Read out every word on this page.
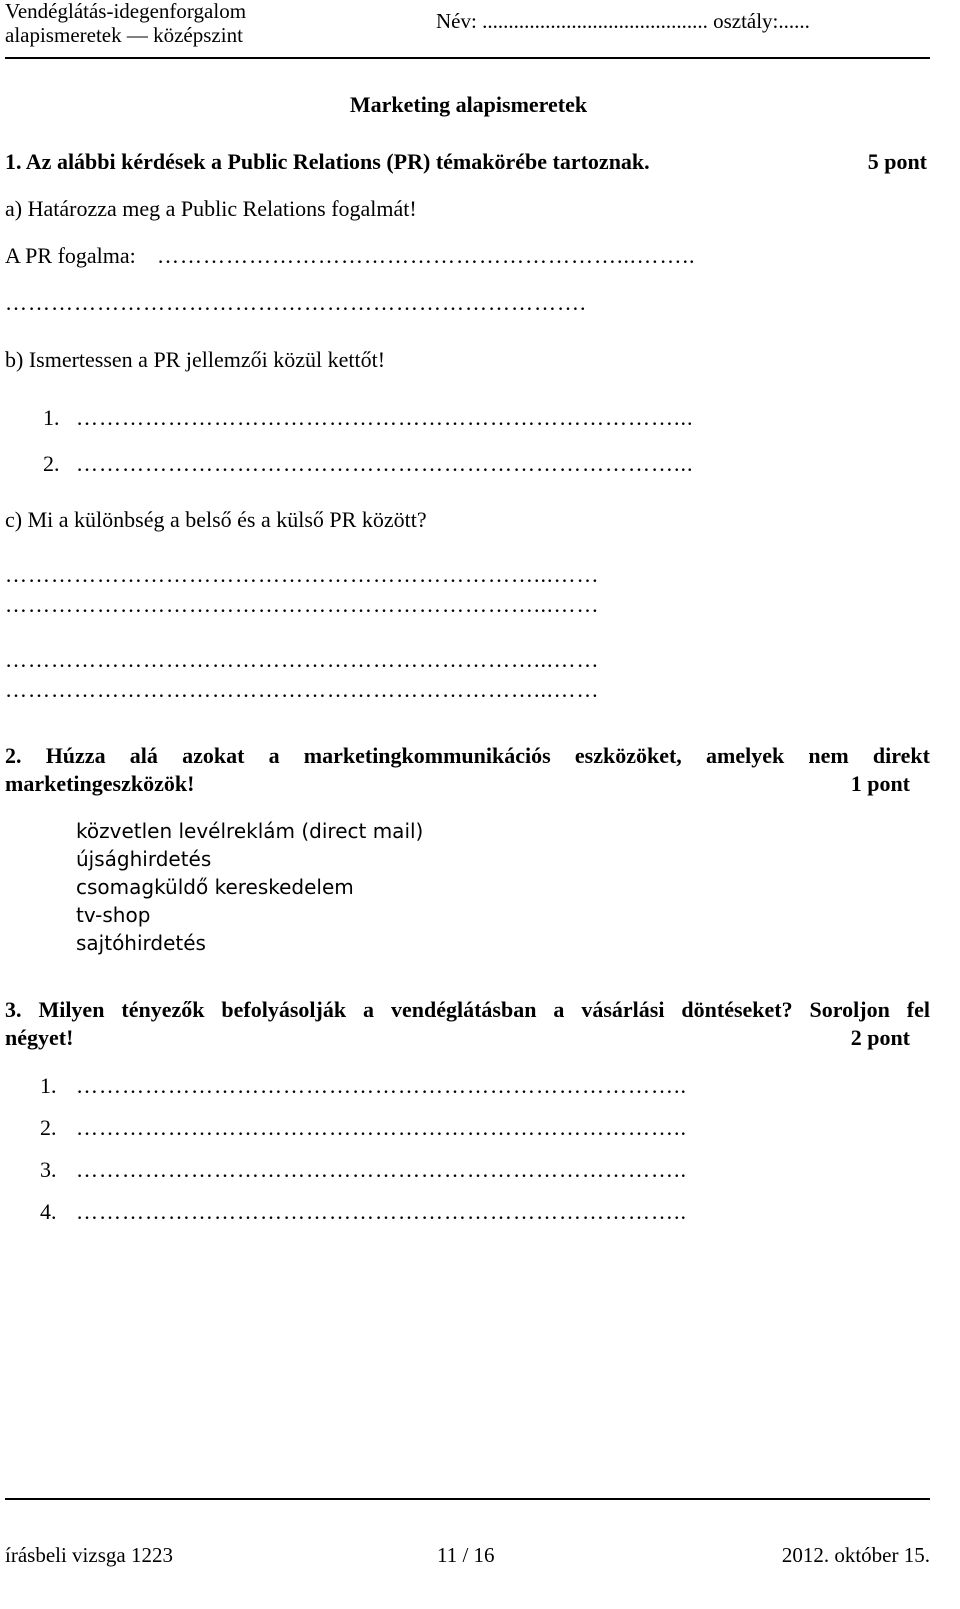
Vendéglátás-idegenforgalom
alapismeretek — középszint
Név: ........................................... osztály:......
Marketing alapismeretek
1. Az alábbi kérdések a Public Relations (PR) témakörébe tartoznak.	5 pont
a) Határozza meg a Public Relations fogalmát!
A PR fogalma: ……………………………………………………...……..
………………………………………………………………….
b) Ismertessen a PR jellemzői közül kettőt!
1. ……………………………………………………………………...
2. ……………………………………………………………………...
c) Mi a különbség a belső és a külső PR között?
……………………………………………………………...……
……………………………………………………………...……
……………………………………………………………...……
……………………………………………………………...……
2. Húzza alá azokat a marketingkommunikációs eszközöket, amelyek nem direkt
marketingeszközök!	1 pont
közvetlen levélreklám (direct mail)
újsághirdetés
csomagküldő kereskedelem
tv-shop
sajtóhirdetés
3. Milyen tényezők befolyásolják a vendéglátásban a vásárlási döntéseket? Soroljon fel
négyet!	2 pont
1. ……………………………………………………………………..
2. ……………………………………………………………………..
3. ……………………………………………………………………..
4. ……………………………………………………………………..
írásbeli vizsga 1223	11 / 16	2012. október 15.
